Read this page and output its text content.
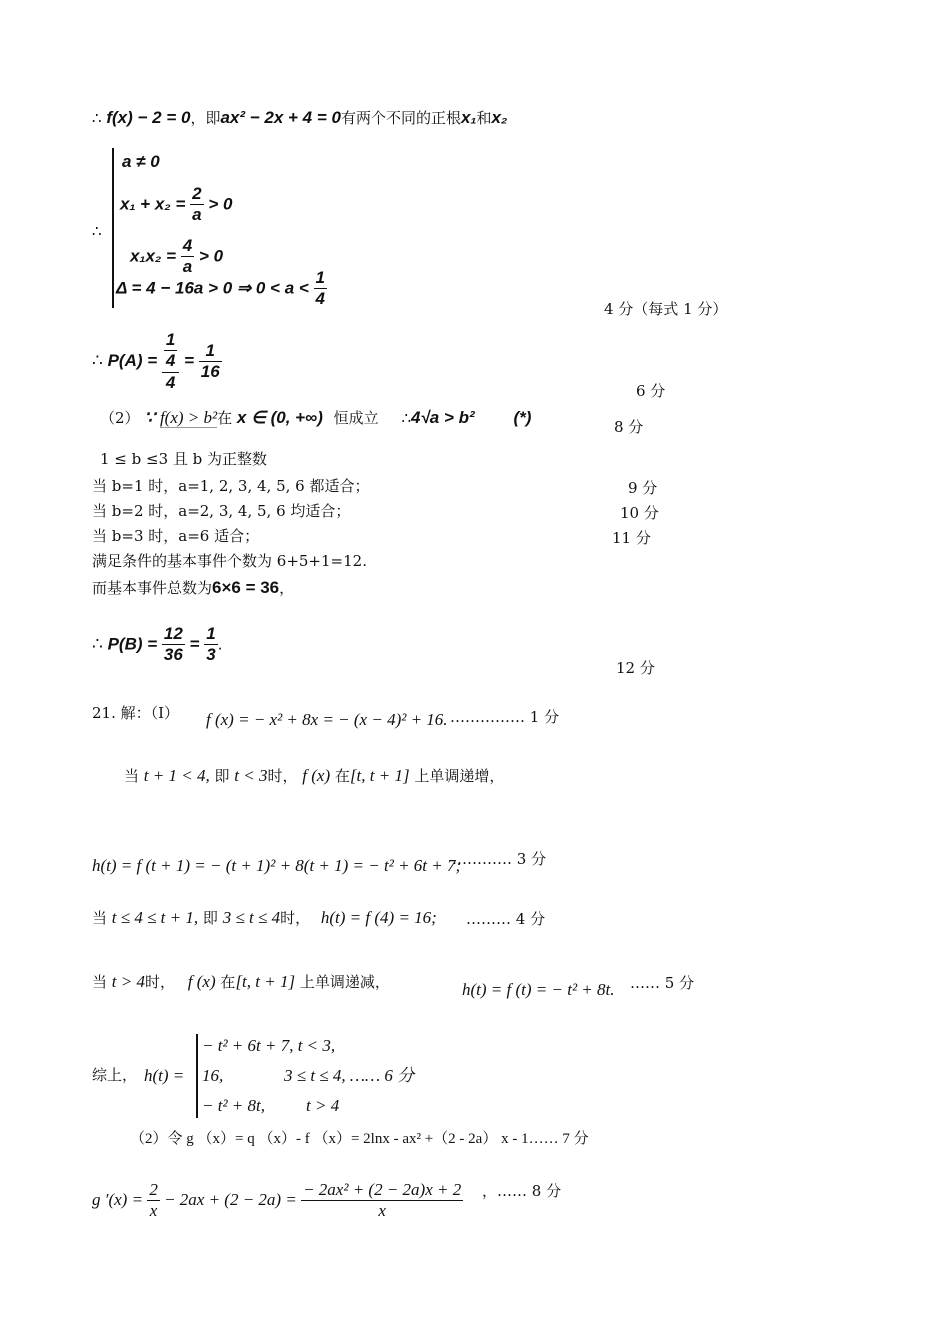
∴ f(x) − 2 = 0，即ax² − 2x + 4 = 0有两个不同的正根x₁和x₂
∴
a ≠ 0
$x_1 + x_2 = \frac{2}{a} > 0$
$x_1x_2 = \frac{4}{a} > 0$
Δ = 4 − 16a > 0 ⇒ $0 < a < \frac{1}{4}$	4 分（每式 1 分）
∴ $P(A) = \frac{\frac{1}{4}}{4} = \frac{1}{16}$
6 分
（2） ∵ f(x) > b²在 x ∈ (0, +∞) 恒成立 ∴4√a > b² (*)	8 分
1 ≤ b ≤3 且 b 为正整数
当 b=1 时，a=1, 2, 3, 4, 5, 6 都适合；	9 分
当 b=2 时，a=2, 3, 4, 5, 6 均适合；	10 分
当 b=3 时，a=6 适合；	11 分
满足条件的基本事件个数为 6+5+1=12.
而基本事件总数为6×6 = 36，
∴ $P(B) = \frac{12}{36} = \frac{1}{3}$ .
12 分
21. 解：（I） f (x) = − x² + 8x = − (x − 4)² + 16. …………… 1 分
当 t + 1 < 4, 即 t < 3时， f (x) 在[t, t + 1] 上单调递增，
h(t) = f (t + 1) = − (t + 1)² + 8(t + 1) = − t² + 6t + 7;
………… 3 分
当 t ≤ 4 ≤ t + 1, 即 3 ≤ t ≤ 4时， h(t) = f (4) = 16; ……… 4 分
当 t > 4时， f (x) 在[t, t + 1] 上单调递减，	h(t) = f (t) = − t² + 8t. …… 5 分
综上， h(t) =
− t² + 6t + 7, t < 3,
16,	3 ≤ t ≤ 4, …… 6 分
− t² + 8t, t > 4
（2）令 g （x）= q （x）- f （x）= 2lnx - ax² +（2 - 2a） x - 1…… 7 分
g $'(x) = \frac{2}{x} - 2ax + (2 - 2a) = \frac{\text{− 2ax² + (2 − 2a)x + 2}}{x}$ ，…… 8 分
